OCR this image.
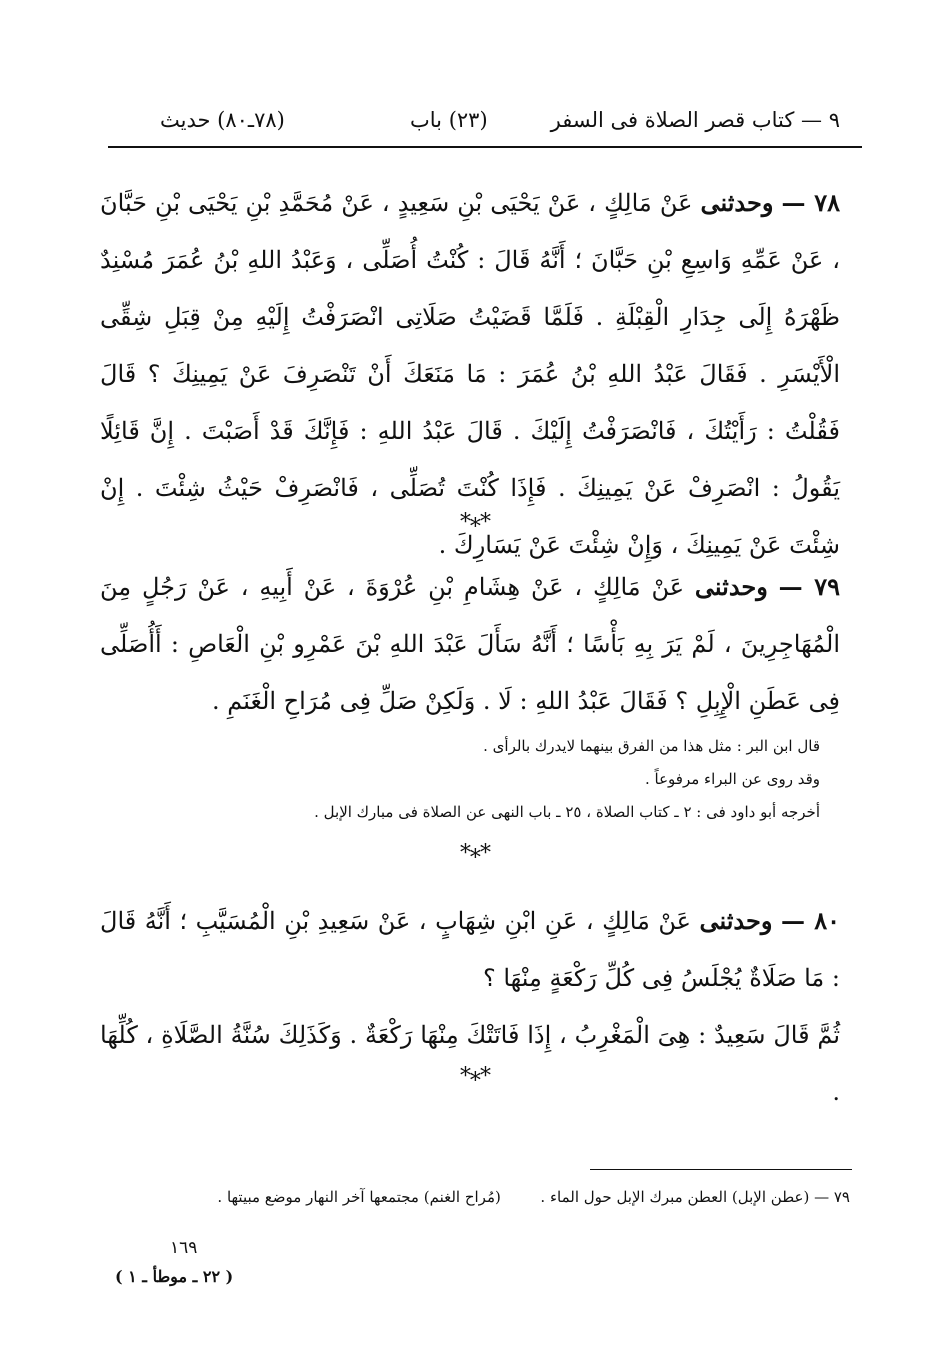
٩ — كتاب قصر الصلاة فى السفر
(٢٣) باب
(٧٨ـ٨٠) حديث
٧٨ — وحدثنى عَنْ مَالِكٍ ، عَنْ يَحْيَى بْنِ سَعِيدٍ ، عَنْ مُحَمَّدِ بْنِ يَحْيَى بْنِ حَبَّانَ ، عَنْ عَمِّهِ وَاسِعِ بْنِ حَبَّانَ ؛ أَنَّهُ قَالَ : كُنْتُ أُصَلِّى ، وَعَبْدُ اللهِ بْنُ عُمَرَ مُسْنِدٌ ظَهْرَهُ إِلَى جِدَارِ الْقِبْلَةِ . فَلَمَّا قَضَيْتُ صَلَاتِى انْصَرَفْتُ إِلَيْهِ مِنْ قِبَلِ شِقِّى الْأَيْسَرِ . فَقَالَ عَبْدُ اللهِ بْنُ عُمَرَ : مَا مَنَعَكَ أَنْ تَنْصَرِفَ عَنْ يَمِينِكَ ؟ قَالَ فَقُلْتُ : رَأَيْتُكَ ، فَانْصَرَفْتُ إِلَيْكَ . قَالَ عَبْدُ اللهِ : فَإِنَّكَ قَدْ أَصَبْتَ . إِنَّ قَائِلًا يَقُولُ : انْصَرِفْ عَنْ يَمِينِكَ . فَإِذَا كُنْتَ تُصَلِّى ، فَانْصَرِفْ حَيْثُ شِئْتَ . إِنْ شِئْتَ عَنْ يَمِينِكَ ، وَإِنْ شِئْتَ عَنْ يَسَارِكَ .
*∗*
٧٩ — وحدثنى عَنْ مَالِكٍ ، عَنْ هِشَامِ بْنِ عُرْوَةَ ، عَنْ أَبِيهِ ، عَنْ رَجُلٍ مِنَ الْمُهَاجِرِينَ ، لَمْ يَرَ بِهِ بَأْسًا ؛ أَنَّهُ سَأَلَ عَبْدَ اللهِ بْنَ عَمْرِو بْنِ الْعَاصِ : أَأُصَلِّى فِى عَطَنِ الْإِبِلِ ؟ فَقَالَ عَبْدُ اللهِ : لَا . وَلَكِنْ صَلِّ فِى مُرَاحِ الْغَنَمِ .

قال ابن البر : مثل هذا من الفرق بينهما لايدرك بالرأى .

وقد روى عن البراء مرفوعاً .

أخرجه أبو داود فى : ٢ ـ كتاب الصلاة ، ٢٥ ـ باب النهى عن الصلاة فى مبارك الإبل .

*∗*
٨٠ — وحدثنى عَنْ مَالِكٍ ، عَنِ ابْنِ شِهَابٍ ، عَنْ سَعِيدِ بْنِ الْمُسَيَّبِ ؛ أَنَّهُ قَالَ : مَا صَلَاةٌ يُجْلَسُ فِى كُلِّ رَكْعَةٍ مِنْهَا ؟
ثُمَّ قَالَ سَعِيدٌ : هِىَ الْمَغْرِبُ ، إِذَا فَاتَتْكَ مِنْهَا رَكْعَةٌ . وَكَذَلِكَ سُنَّةُ الصَّلَاةِ ، كُلِّهَا .
*∗*
٧٩ — (عطن الإبل) العطن مبرك الإبل حول الماء .  (مُراح الغنم) مجتمعها آخر النهار موضع مبيتها .
١٦٩
( ٢٢ ـ موطأ ـ ١ )
